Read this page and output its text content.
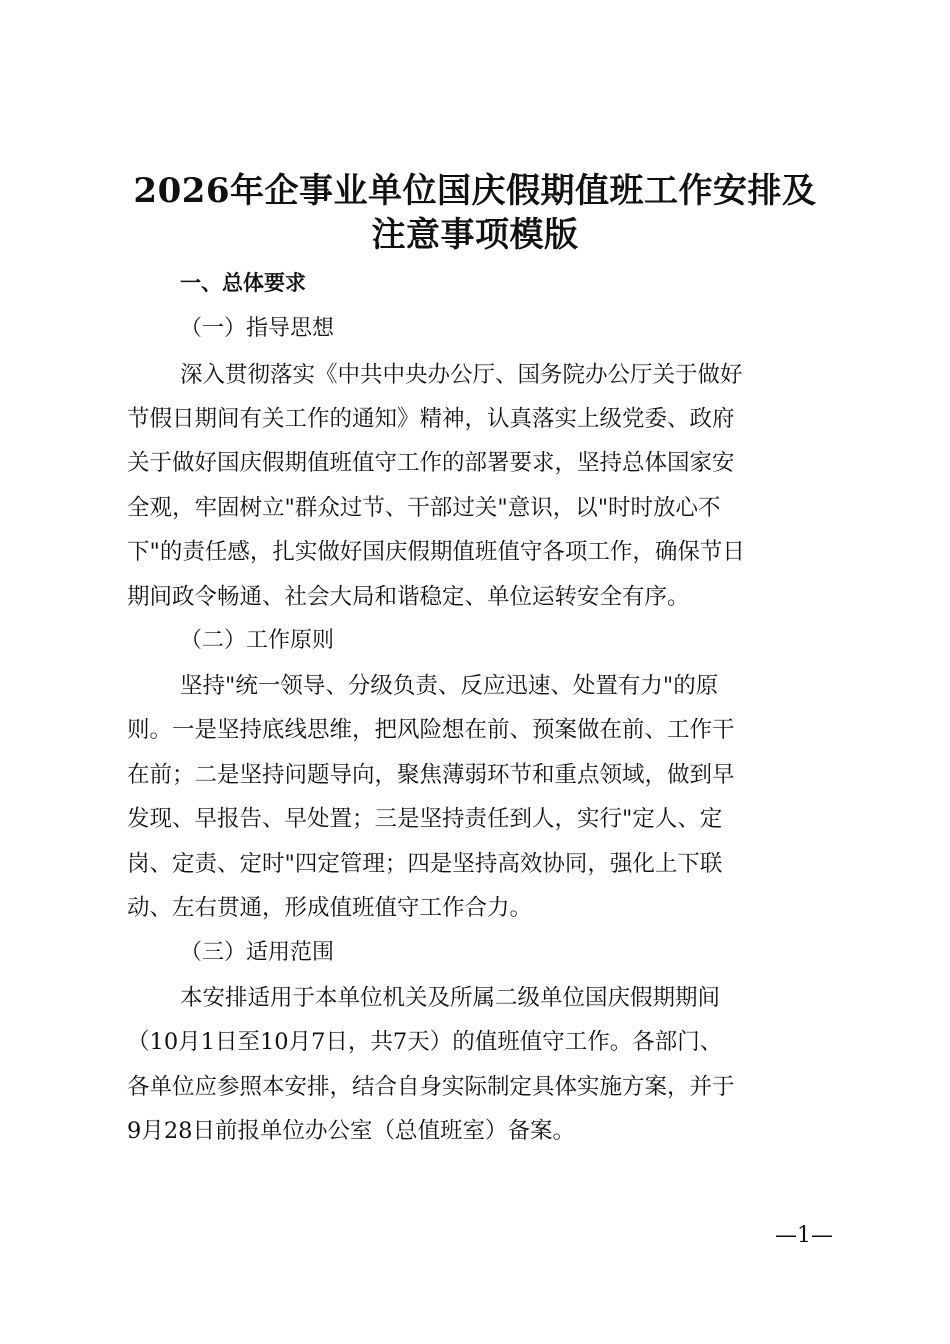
2026年企事业单位国庆假期值班工作安排及
注意事项模版
一、总体要求
（一）指导思想
深入贯彻落实《中共中央办公厅、国务院办公厅关于做好
节假日期间有关工作的通知》精神，认真落实上级党委、政府
关于做好国庆假期值班值守工作的部署要求，坚持总体国家安
全观，牢固树立"群众过节、干部过关"意识，以"时时放心不
下"的责任感，扎实做好国庆假期值班值守各项工作，确保节日
期间政令畅通、社会大局和谐稳定、单位运转安全有序。
（二）工作原则
坚持"统一领导、分级负责、反应迅速、处置有力"的原
则。一是坚持底线思维，把风险想在前、预案做在前、工作干
在前；二是坚持问题导向，聚焦薄弱环节和重点领域，做到早
发现、早报告、早处置；三是坚持责任到人，实行"定人、定
岗、定责、定时"四定管理；四是坚持高效协同，强化上下联
动、左右贯通，形成值班值守工作合力。
（三）适用范围
本安排适用于本单位机关及所属二级单位国庆假期期间
（10月1日至10月7日，共7天）的值班值守工作。各部门、
各单位应参照本安排，结合自身实际制定具体实施方案，并于
9月28日前报单位办公室（总值班室）备案。
—1—
